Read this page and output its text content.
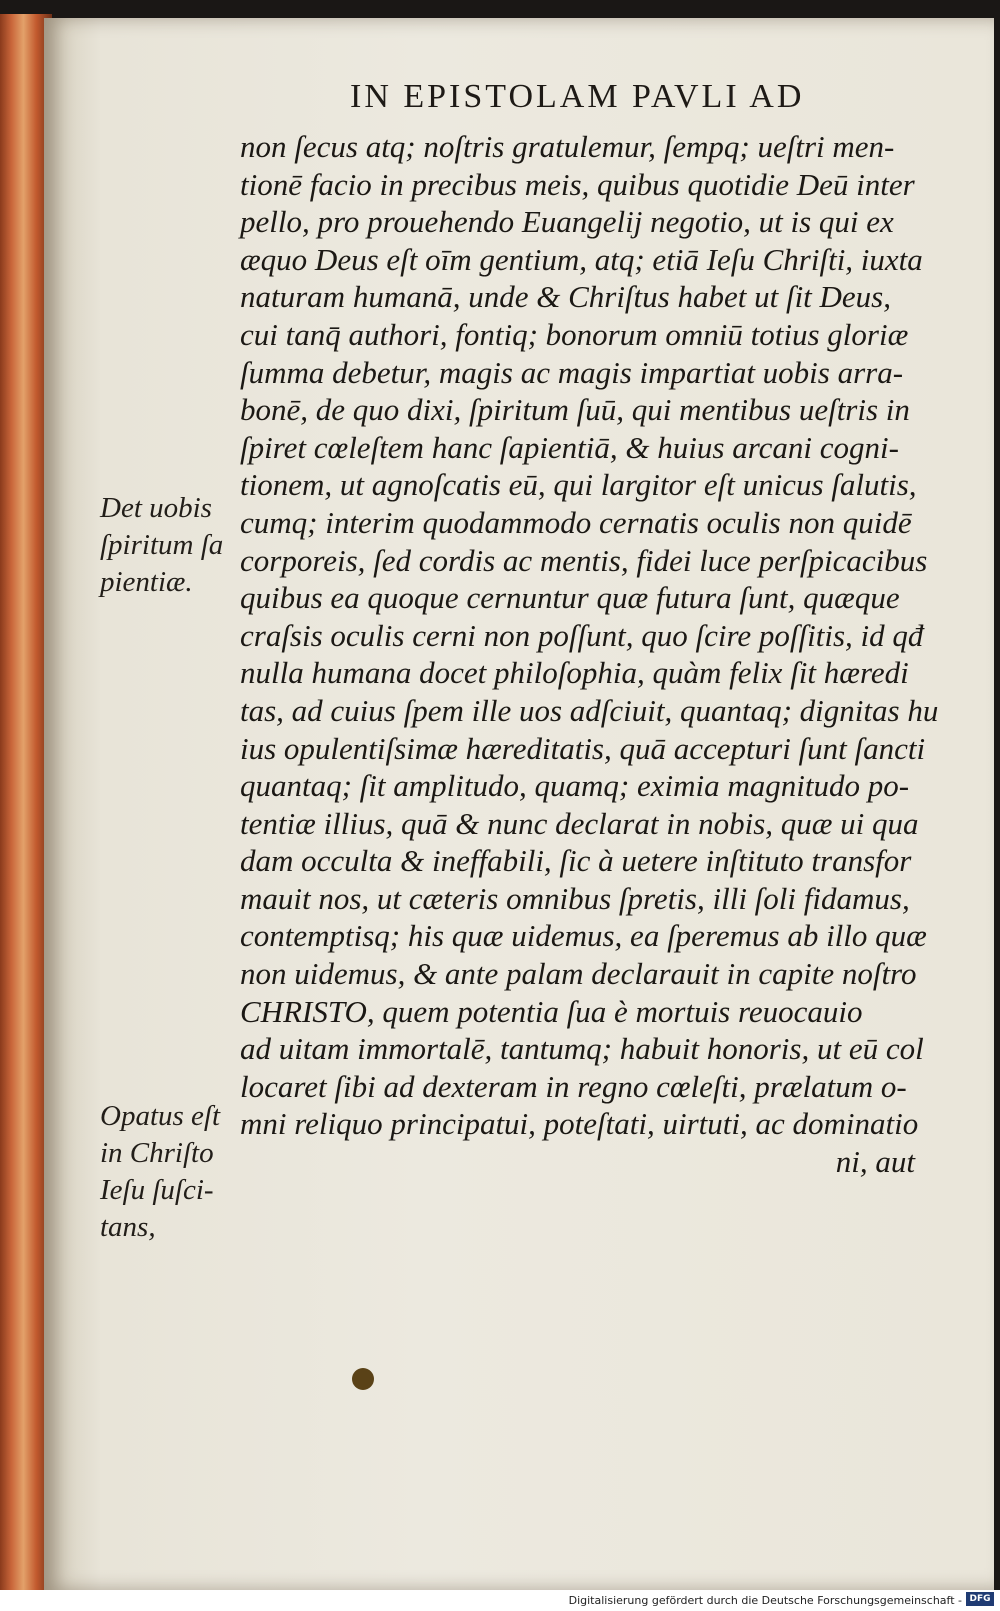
IN EPISTOLAM PAVLI AD
non ſecus atq; noſtris gratulemur, ſempq; ueſtri men-
tionē facio in precibus meis, quibus quotidie Deū inter
pello, pro prouehendo Euangelij negotio, ut is qui ex
æquo Deus eſt oīm gentium, atq; etiā Ieſu Chriſti, iuxta
naturam humanā, unde & Chriſtus habet ut ſit Deus,
cui tanq̄ authori, fontiq; bonorum omniū totius gloriæ
ſumma debetur, magis ac magis impartiat uobis arra-
bonē, de quo dixi, ſpiritum ſuū, qui mentibus ueſtris in
ſpiret cœleſtem hanc ſapientiā, & huius arcani cogni-
tionem, ut agnoſcatis eū, qui largitor eſt unicus ſalutis,
cumq; interim quodammodo cernatis oculis non quidē
corporeis, ſed cordis ac mentis, fidei luce perſpicacibus
quibus ea quoque cernuntur quæ futura ſunt, quæque
craſsis oculis cerni non poſſunt, quo ſcire poſſitis, id qđ
nulla humana docet philoſophia, quàm felix ſit hæredi
tas, ad cuius ſpem ille uos adſciuit, quantaq; dignitas hu
ius opulentiſsimæ hæreditatis, quā accepturi ſunt ſancti
quantaq; ſit amplitudo, quamq; eximia magnitudo po-
tentiæ illius, quā & nunc declarat in nobis, quæ ui qua
dam occulta & ineffabili, ſic à uetere inſtituto transfor
mauit nos, ut cæteris omnibus ſpretis, illi ſoli fidamus,
contemptisq; his quæ uidemus, ea ſperemus ab illo quæ
non uidemus, & ante palam declarauit in capite noſtro
CHRISTO, quem potentia ſua è mortuis reuocauio
ad uitam immortalē, tantumq; habuit honoris, ut eū col
locaret ſibi ad dexteram in regno cœleſti, prælatum o-
mni reliquo principatui, poteſtati, uirtuti, ac dominatio
ni, aut
Det uobis
ſpiritum ſa
pientiæ.
Opatus eſt
in Chriſto
Ieſu ſuſci-
tans,
Digitalisierung gefördert durch die Deutsche Forschungsgemeinschaft - DFG
